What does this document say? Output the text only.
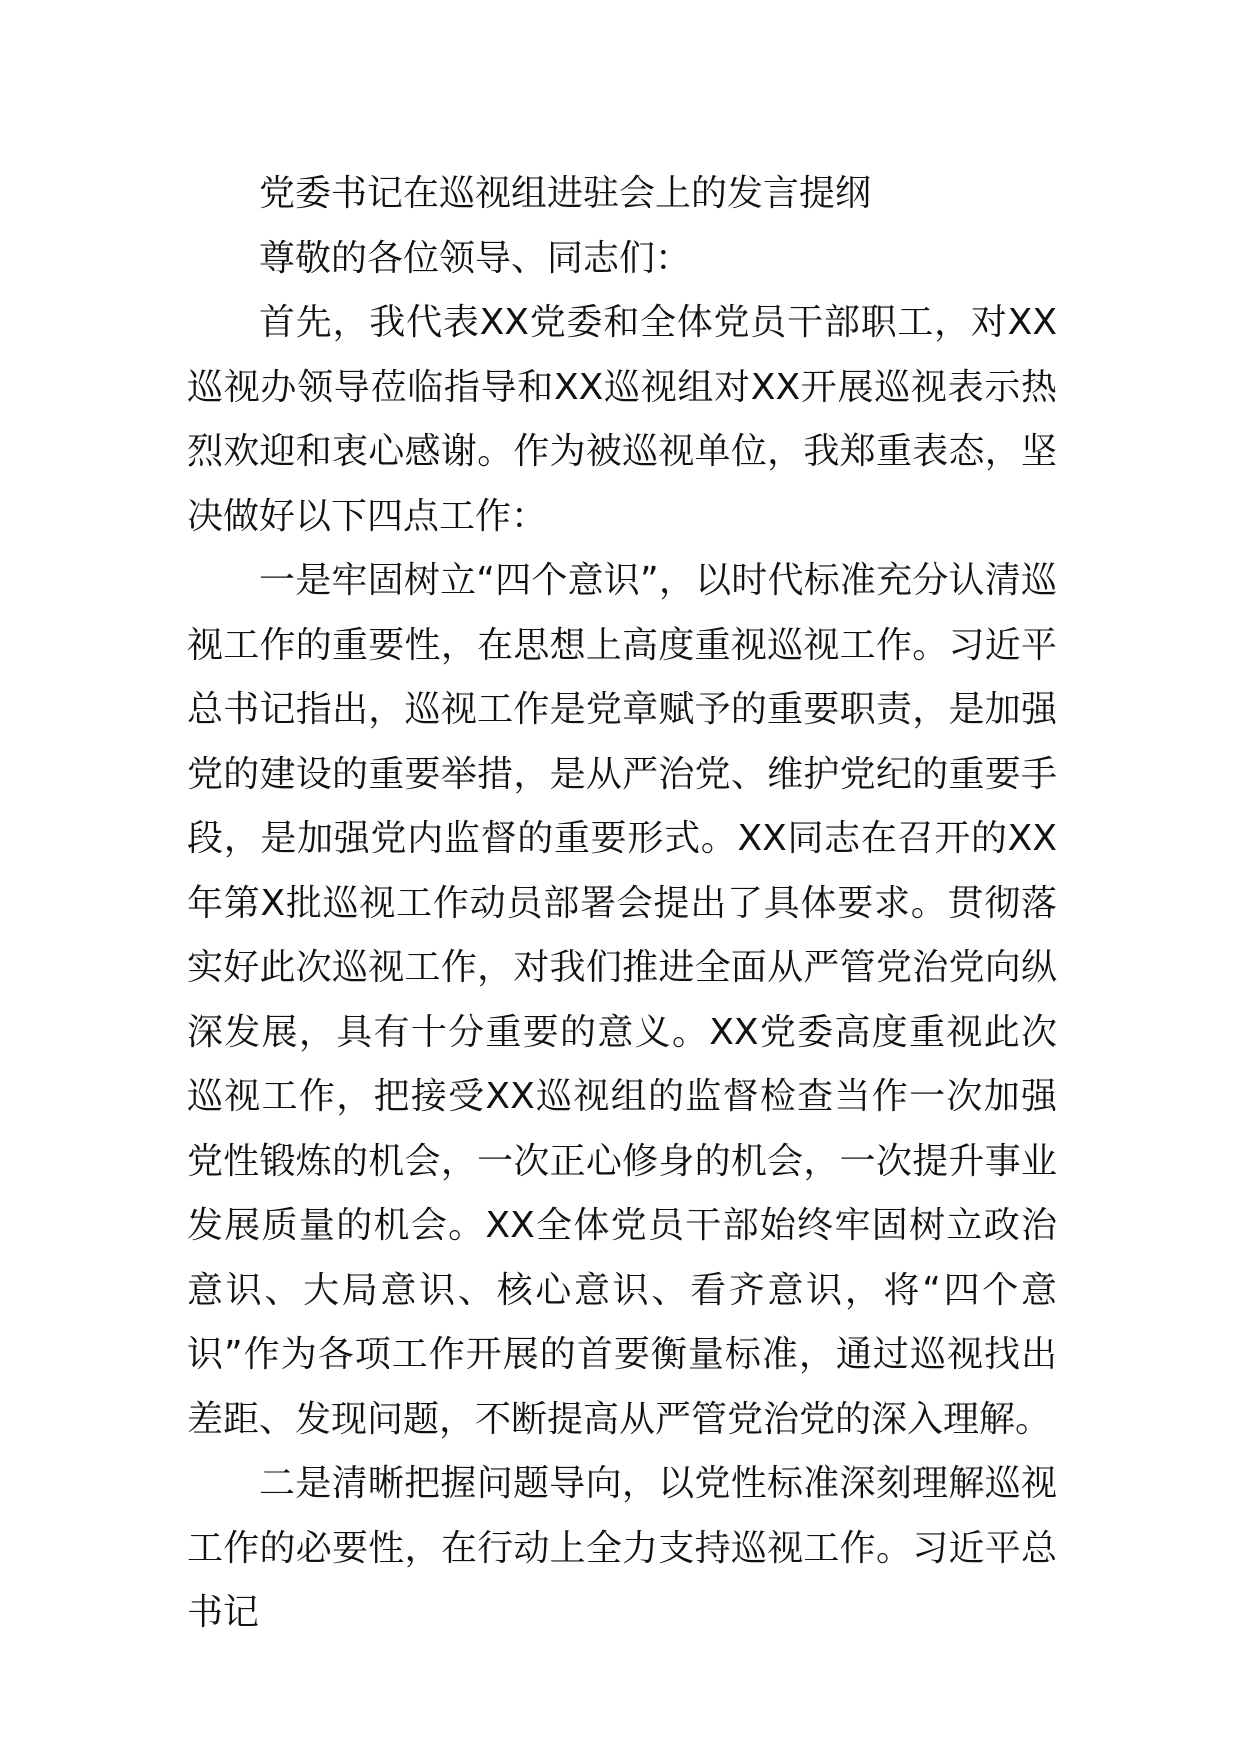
党委书记在巡视组进驻会上的发言提纲

尊敬的各位领导、同志们：

首先，我代表XX党委和全体党员干部职工，对XX巡视办领导莅临指导和XX巡视组对XX开展巡视表示热烈欢迎和衷心感谢。作为被巡视单位，我郑重表态，坚决做好以下四点工作：

一是牢固树立“四个意识”，以时代标准充分认清巡视工作的重要性，在思想上高度重视巡视工作。习近平总书记指出，巡视工作是党章赋予的重要职责，是加强党的建设的重要举措，是从严治党、维护党纪的重要手段，是加强党内监督的重要形式。XX同志在召开的XX年第X批巡视工作动员部署会提出了具体要求。贯彻落实好此次巡视工作，对我们推进全面从严管党治党向纵深发展，具有十分重要的意义。XX党委高度重视此次巡视工作，把接受XX巡视组的监督检查当作一次加强党性锻炼的机会，一次正心修身的机会，一次提升事业发展质量的机会。XX全体党员干部始终牢固树立政治意识、大局意识、核心意识、看齐意识，将“四个意识”作为各项工作开展的首要衡量标准，通过巡视找出差距、发现问题，不断提高从严管党治党的深入理解。

二是清晰把握问题导向，以党性标准深刻理解巡视工作的必要性，在行动上全力支持巡视工作。习近平总书记
